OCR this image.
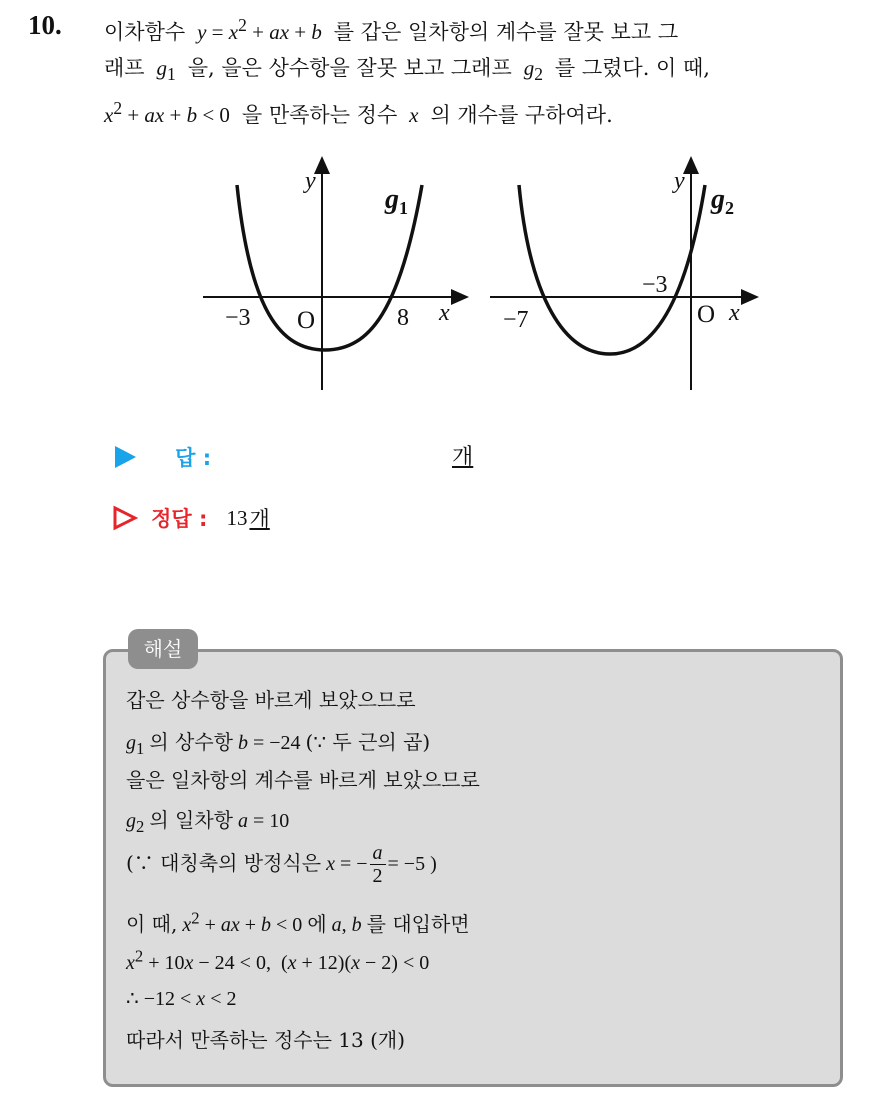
10. 이차함수 $y = x^2$ + ax + b 를 갑은 일차항의 계수를 잘못 보고 그
래프 $g_1$ 을, 을은 상수항을 잘못 보고 그래프 $g_2$ 를 그렸다. 이 때,
$x^2$ + ax + b < 0  을 만족하는 정수 x 의 개수를 구하여라.
y
$g_1$
−3 O	8 x
y
$g_2$
−3
−7	O x
답 :	개
정답 : 13개
해설
갑은 상수항을 바르게 보았으므로
$g_1$ 의 상수항 b = −24 (∵ 두 근의 곱)
을은 일차항의 계수를 바르게 보았으므로
$g_2$ 의 일차항 a = 10
(∵ 대칭축의 방정식은 x = − $\frac{a}{2} = -5$ )
이 때, $x^2$ + ax + b < 0 에 a, b 를 대입하면
$x^2 + 10x - 24 < 0$,  (x + 12)(x − 2) < 0
∴ −12 < x < 2
따라서 만족하는 정수는 13 (개)
